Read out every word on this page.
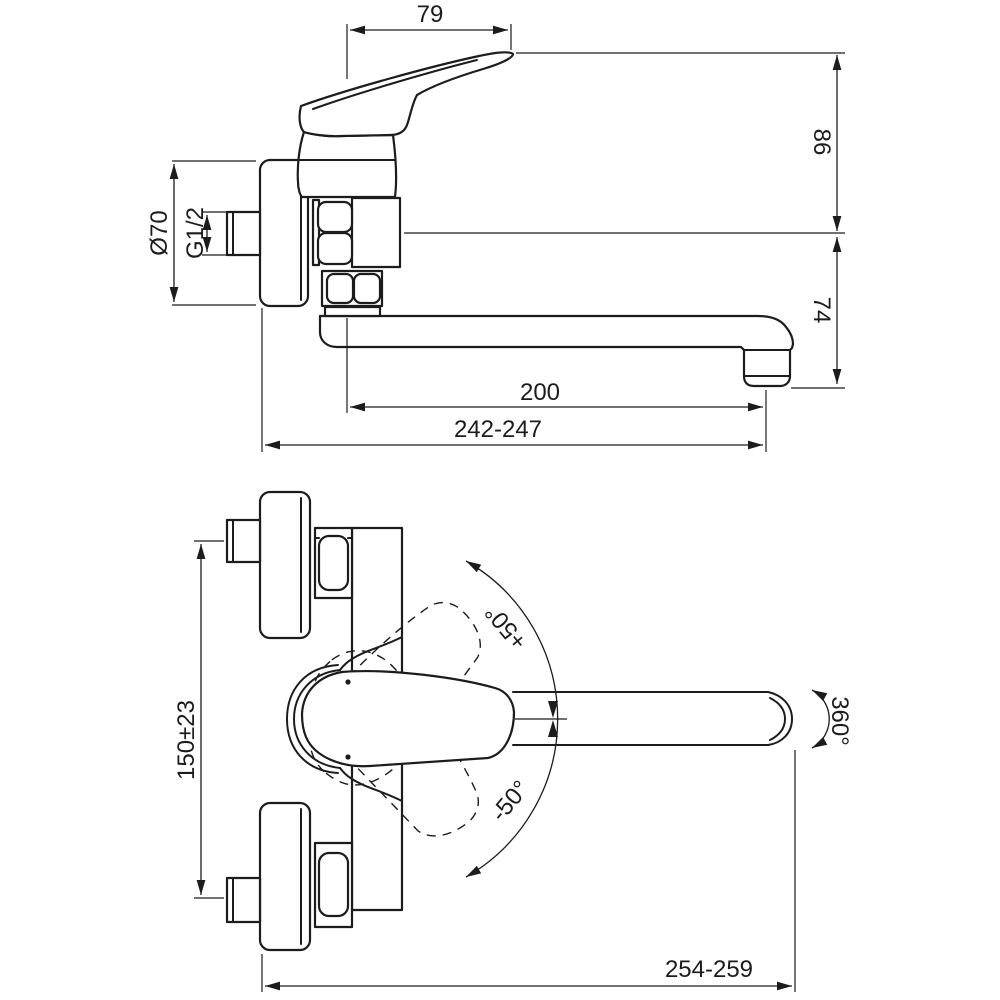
79
86
74
Ø70 G1/2
200
242-247
+50°
-50°
360°
150±23
254-259
